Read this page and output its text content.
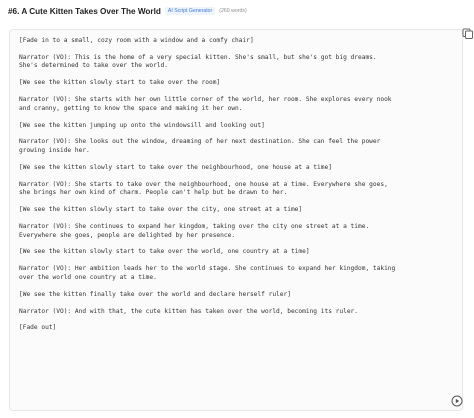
#6. A Cute Kitten Takes Over The World	AI Script Generator	(260 words)
[Fade in to a small, cozy room with a window and a comfy chair]
Narrator (VO): This is the home of a very special kitten. She's small, but she's got big dreams.
She's determined to take over the world.
[We see the kitten slowly start to take over the room]
Narrator (VO): She starts with her own little corner of the world, her room. She explores every nook
and cranny, getting to know the space and making it her own.
[We see the kitten jumping up onto the windowsill and looking out]
Narrator (VO): She looks out the window, dreaming of her next destination. She can feel the power
growing inside her.
[We see the kitten slowly start to take over the neighbourhood, one house at a time]
Narrator (VO): She starts to take over the neighbourhood, one house at a time. Everywhere she goes,
she brings her own kind of charm. People can't help but be drawn to her.
[We see the kitten slowly start to take over the city, one street at a time]
Narrator (VO): She continues to expand her kingdom, taking over the city one street at a time.
Everywhere she goes, people are delighted by her presence.
[We see the kitten slowly start to take over the world, one country at a time]
Narrator (VO): Her ambition leads her to the world stage. She continues to expand her kingdom, taking
over the world one country at a time.
[We see the kitten finally take over the world and declare herself ruler]
Narrator (VO): And with that, the cute kitten has taken over the world, becoming its ruler.
[Fade out]
